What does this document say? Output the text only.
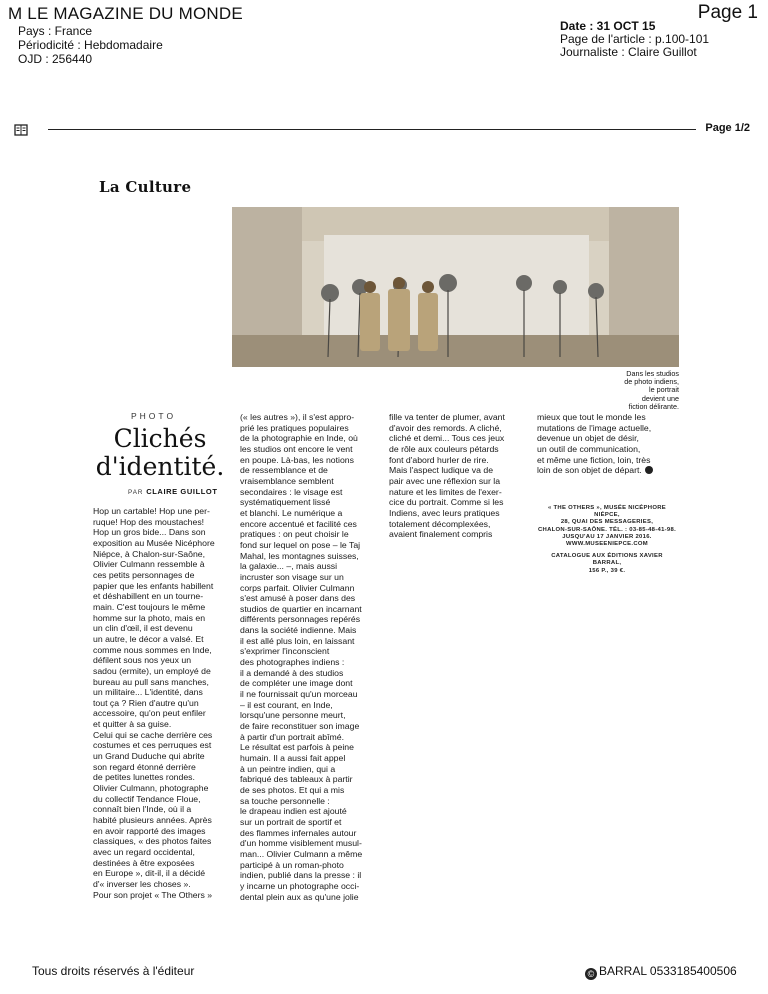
M LE MAGAZINE DU MONDE	Page 1
Pays : France
Périodicité : Hebdomadaire
OJD : 256440
Date : 31 OCT 15
Page de l'article : p.100-101
Journaliste : Claire Guillot
Page 1/2
La Culture
Dans les studios
de photo indiens,
le portrait
devient une
fiction délirante.
PHOTO
Clichés
d'identité.
PAR CLAIRE GUILLOT
Hop un cartable! Hop une per-
ruque! Hop des moustaches!
Hop un gros bide... Dans son
exposition au Musée Nicéphore
Niépce, à Chalon-sur-Saône,
Olivier Culmann ressemble à
ces petits personnages de
papier que les enfants habillent
et déshabillent en un tourne-
main. C'est toujours le même
homme sur la photo, mais en
un clin d'œil, il est devenu
un autre, le décor a valsé. Et
comme nous sommes en Inde,
défilent sous nos yeux un
sadou (ermite), un employé de
bureau au pull sans manches,
un militaire... L'identité, dans
tout ça ? Rien d'autre qu'un
accessoire, qu'on peut enfiler
et quitter à sa guise.
Celui qui se cache derrière ces
costumes et ces perruques est
un Grand Duduche qui abrite
son regard étonné derrière
de petites lunettes rondes.
Olivier Culmann, photographe
du collectif Tendance Floue,
connaît bien l'Inde, où il a
habité plusieurs années. Après
en avoir rapporté des images
classiques, « des photos faites
avec un regard occidental,
destinées à être exposées
en Europe », dit-il, il a décidé
d'« inverser les choses ».
Pour son projet « The Others »
(« les autres »), il s'est appro-
prié les pratiques populaires
de la photographie en Inde, où
les studios ont encore le vent
en poupe. Là-bas, les notions
de ressemblance et de
vraisemblance semblent
secondaires : le visage est
systématiquement lissé
et blanchi. Le numérique a
encore accentué et facilité ces
pratiques : on peut choisir le
fond sur lequel on pose – le Taj
Mahal, les montagnes suisses,
la galaxie... –, mais aussi
incruster son visage sur un
corps parfait. Olivier Culmann
s'est amusé à poser dans des
studios de quartier en incarnant
différents personnages repérés
dans la société indienne. Mais
il est allé plus loin, en laissant
s'exprimer l'inconscient
des photographes indiens :
il a demandé à des studios
de compléter une image dont
il ne fournissait qu'un morceau
– il est courant, en Inde,
lorsqu'une personne meurt,
de faire reconstituer son image
à partir d'un portrait abîmé.
Le résultat est parfois à peine
humain. Il a aussi fait appel
à un peintre indien, qui a
fabriqué des tableaux à partir
de ses photos. Et qui a mis
sa touche personnelle :
le drapeau indien est ajouté
sur un portrait de sportif et
des flammes infernales autour
d'un homme visiblement musul-
man... Olivier Culmann a même
participé à un roman-photo
indien, publié dans la presse : il
y incarne un photographe occi-
dental plein aux as qu'une jolie
fille va tenter de plumer, avant
d'avoir des remords. A cliché,
cliché et demi... Tous ces jeux
de rôle aux couleurs pétards
font d'abord hurler de rire.
Mais l'aspect ludique va de
pair avec une réflexion sur la
nature et les limites de l'exer-
cice du portrait. Comme si les
Indiens, avec leurs pratiques
totalement décomplexées,
avaient finalement compris
mieux que tout le monde les
mutations de l'image actuelle,
devenue un objet de désir,
un outil de communication,
et même une fiction, loin, très
loin de son objet de départ.
« THE OTHERS », MUSÉE NICÉPHORE NIÉPCE,
28, QUAI DES MESSAGERIES,
CHALON-SUR-SAÔNE. TÉL. : 03-85-48-41-98.
JUSQU'AU 17 JANVIER 2016.
WWW.MUSEENIEPCE.COM
CATALOGUE AUX ÉDITIONS XAVIER BARRAL,
156 P., 39 €.
Tous droits réservés à l'éditeur	© BARRAL 0533185400506
